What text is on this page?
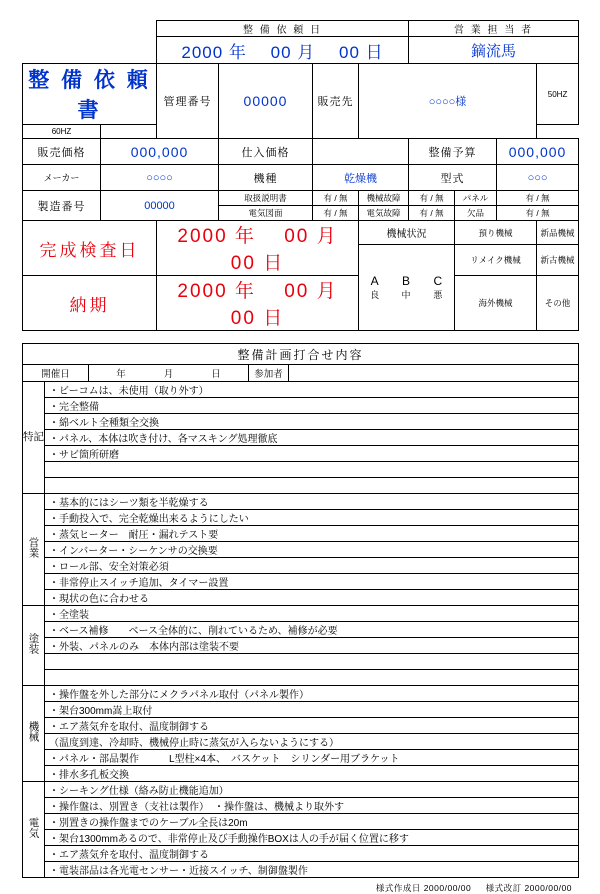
	整 備 依 頼 日	営 業 担 当 者
2000 年　 00 月　 00 日	鏑流馬
整 備 依 頼 書	管理番号	00000	販売先	○○○○様	50HZ
60HZ
販売価格	000,000	仕入価格		整備予算	000,000
メーカー	○○○○	機種	乾燥機	型式	○○○
製造番号	00000	取扱説明書	有 / 無	機械故障	有 / 無	パネル	有 / 無
電気図面	有 / 無	電気故障	有 / 無	欠品	有 / 無
完成検査日	2000 年　 00 月　 00 日	機械状況	預り機械	新品機械

A	B	C
良	中	悪
	リメイク機械	新古機械
納期	2000 年　 00 月　 00 日	海外機械	その他
整備計画打合せ内容				
開催日		年　　　　月　　　　日	参加者	
特記	・ビーコムは、未使用（取り外す）			
	・完全整備			
	・綿ベルト全種類全交換			
	・パネル、本体は吹き付け、各マスキング処理徹底			
	・サビ箇所研磨			

営業	・基本的にはシーツ類を半乾燥する			
	・手動投入で、完全乾燥出来るようにしたい			
	・蒸気ヒーター　耐圧・漏れテスト要			
	・インバーター・シーケンサの交換要			
	・ロール部、安全対策必須			
	・非常停止スイッチ追加、タイマー設置			
	・現状の色に合わせる			
塗装	・全塗装			
	・ベース補修　　ベース全体的に、削れているため、補修が必要			
	・外装、パネルのみ　本体内部は塗装不要			

機械	・操作盤を外した部分にメクラパネル取付（パネル製作）			
	・架台300mm嵩上取付			
	・エア蒸気弁を取付、温度制御する			
	（温度到達、冷却時、機械停止時に蒸気が入らないようにする）			
	・パネル・部品製作　　　L型柱×4本、　バスケット　シリンダー用ブラケット			
	・排水多孔板交換			
電気	・シーキング仕様（絡み防止機能追加）			
	・操作盤は、別置き（支社は製作）　・操作盤は、機械より取外す			
	・別置きの操作盤までのケーブル全長は20m			
	・架台1300mmあるので、非常停止及び手動操作BOXは人の手が届く位置に移す			
	・エア蒸気弁を取付、温度制御する			
	・電装部品は各光電センサー・近接スイッチ、制御盤製作			
様式作成日 2000/00/00 様式改訂 2000/00/00
